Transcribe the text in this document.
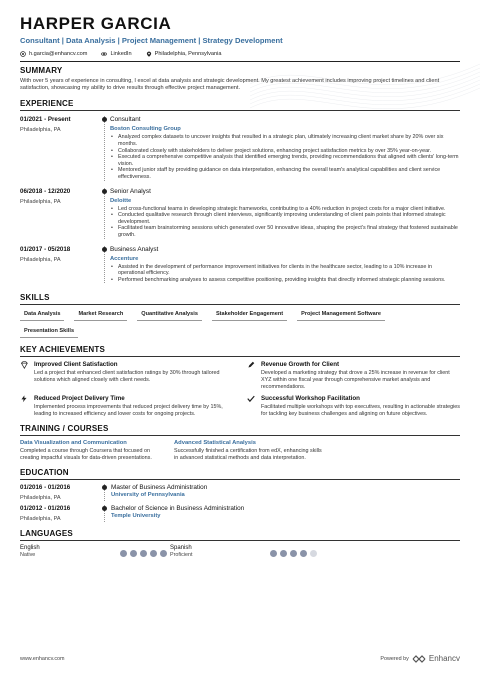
HARPER GARCIA
Consultant | Data Analysis | Project Management | Strategy Development
h.garcia@enhancv.com	LinkedIn	Philadelphia, Pennsylvania
SUMMARY
With over 5 years of experience in consulting, I excel at data analysis and strategic development. My greatest achievement includes improving project timelines and client satisfaction, showcasing my ability to drive results through effective project management.
EXPERIENCE
01/2021 - Present
Philadelphia, PA
Consultant
Boston Consulting Group
• Analyzed complex datasets to uncover insights that resulted in a strategic plan, ultimately increasing client market share by 20% over six months.
• Collaborated closely with stakeholders to deliver project solutions, enhancing project satisfaction metrics by over 35% year-on-year.
• Executed a comprehensive competitive analysis that identified emerging trends, providing recommendations that aligned with clients' long-term vision.
• Mentored junior staff by providing guidance on data interpretation, enhancing the overall team's analytical capabilities and client service effectiveness.
06/2018 - 12/2020
Philadelphia, PA
Senior Analyst
Deloitte
• Led cross-functional teams in developing strategic frameworks, contributing to a 40% reduction in project costs for a major client initiative.
• Conducted qualitative research through client interviews, significantly improving understanding of client pain points that informed strategic development.
• Facilitated team brainstorming sessions which generated over 50 innovative ideas, shaping the project's final strategy that fostered sustainable growth.
01/2017 - 05/2018
Philadelphia, PA
Business Analyst
Accenture
• Assisted in the development of performance improvement initiatives for clients in the healthcare sector, leading to a 10% increase in operational efficiency.
• Performed benchmarking analyses to assess competitive positioning, providing insights that directly informed strategic planning sessions.
SKILLS
Data Analysis	Market Research	Quantitative Analysis	Stakeholder Engagement	Project Management Software
Presentation Skills
KEY ACHIEVEMENTS
Improved Client Satisfaction
Led a project that enhanced client satisfaction ratings by 30% through tailored solutions which aligned closely with client needs.
Revenue Growth for Client
Developed a marketing strategy that drove a 25% increase in revenue for client XYZ within one fiscal year through comprehensive market analysis and recommendations.
Reduced Project Delivery Time
Implemented process improvements that reduced project delivery time by 15%, leading to increased efficiency and lower costs for ongoing projects.
Successful Workshop Facilitation
Facilitated multiple workshops with top executives, resulting in actionable strategies for tackling key business challenges and aligning on future objectives.
TRAINING / COURSES
Data Visualization and Communication
Completed a course through Coursera that focused on creating impactful visuals for data-driven presentations.
Advanced Statistical Analysis
Successfully finished a certification from edX, enhancing skills in advanced statistical methods and data interpretation.
EDUCATION
01/2016 - 01/2016
Philadelphia, PA
Master of Business Administration
University of Pennsylvania
01/2012 - 01/2016
Philadelphia, PA
Bachelor of Science in Business Administration
Temple University
LANGUAGES
English
Native
Spanish
Proficient
www.enhancv.com	Powered by	Enhancv
